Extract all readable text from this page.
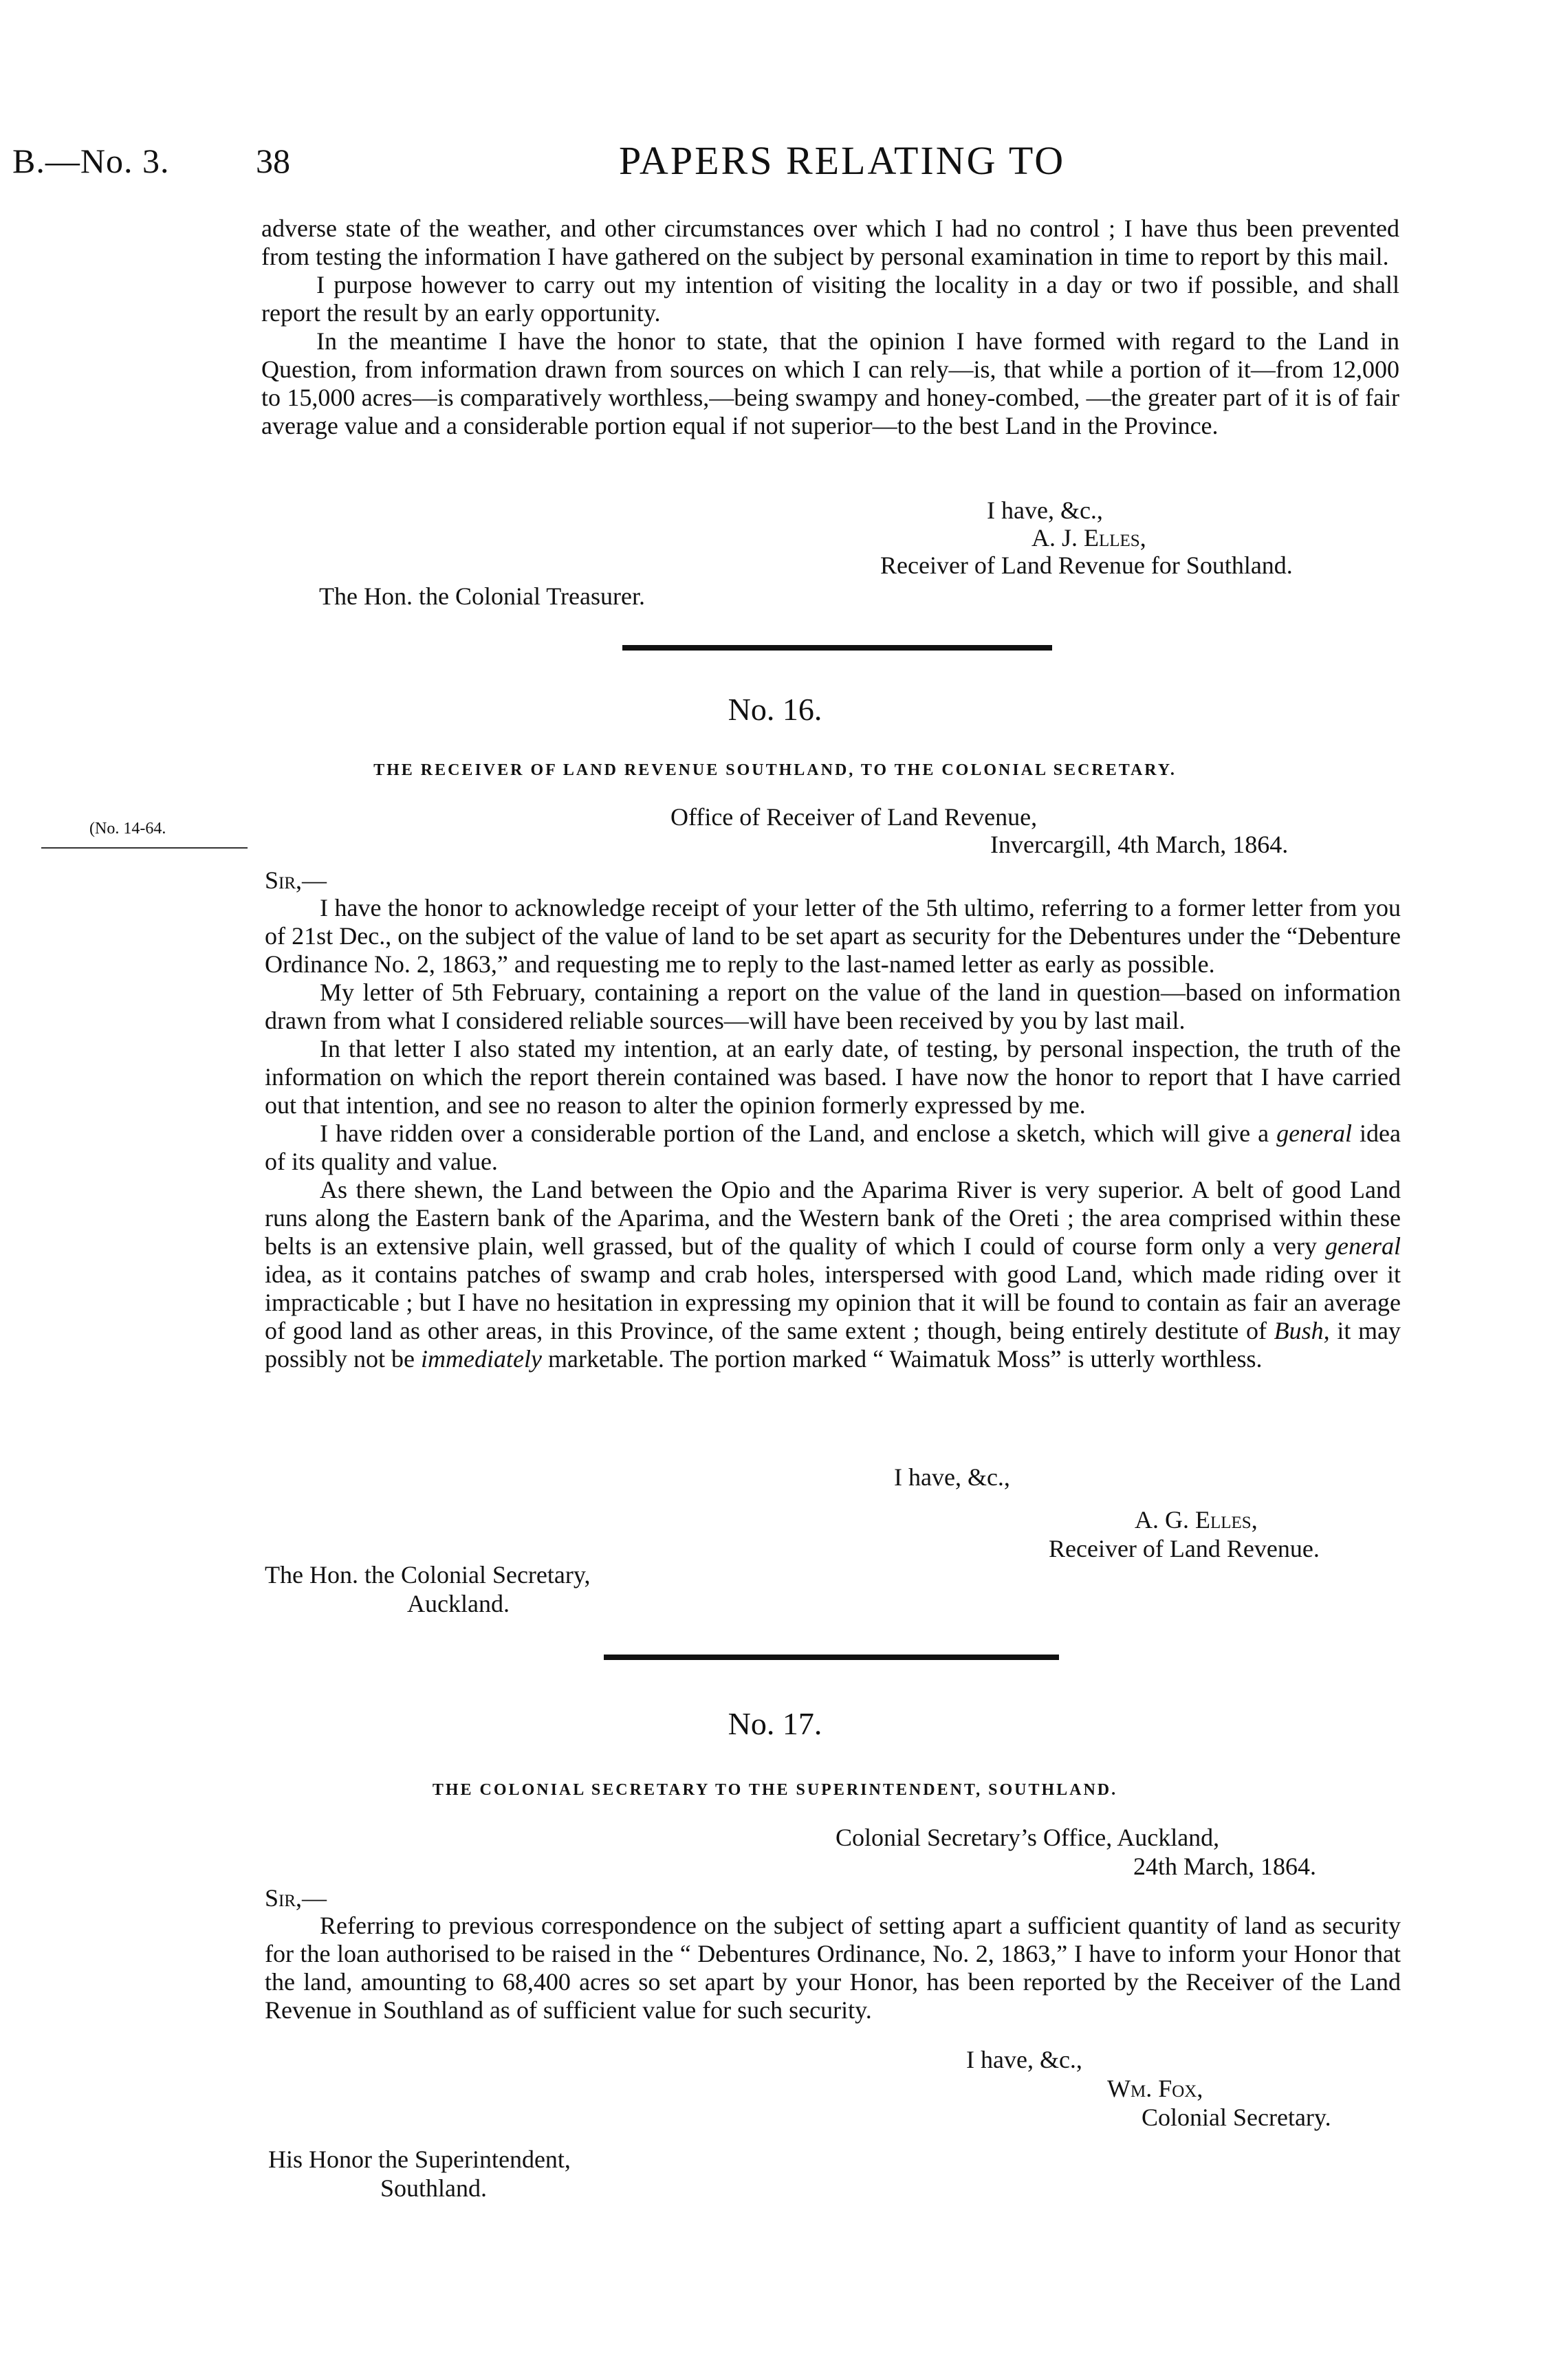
B.—No. 3.	38	PAPERS RELATING TO

adverse state of the weather, and other circumstances over which I had no control ; I have thus been prevented from testing the information I have gathered on the subject by personal examination in time to report by this mail.

I purpose however to carry out my intention of visiting the locality in a day or two if possible, and shall report the result by an early opportunity.

In the meantime I have the honor to state, that the opinion I have formed with regard to the Land in Question, from information drawn from sources on which I can rely—is, that while a portion of it—from 12,000 to 15,000 acres—is comparatively worthless,—being swampy and honey-combed, —the greater part of it is of fair average value and a considerable portion equal if not superior—to the best Land in the Province.

I have, &c.,
A. J. Elles,
Receiver of Land Revenue for Southland.
The Hon. the Colonial Treasurer.
No. 16.
THE RECEIVER OF LAND REVENUE SOUTHLAND, TO THE COLONIAL SECRETARY.
(No. 14-64.	Office of Receiver of Land Revenue,
Invercargill, 4th March, 1864.
Sir,—

I have the honor to acknowledge receipt of your letter of the 5th ultimo, referring to a former letter from you of 21st Dec., on the subject of the value of land to be set apart as security for the Debentures under the “Debenture Ordinance No. 2, 1863,” and requesting me to reply to the last-named letter as early as possible.

My letter of 5th February, containing a report on the value of the land in question—based on information drawn from what I considered reliable sources—will have been received by you by last mail.

In that letter I also stated my intention, at an early date, of testing, by personal inspection, the truth of the information on which the report therein contained was based. I have now the honor to report that I have carried out that intention, and see no reason to alter the opinion formerly expressed by me.

I have ridden over a considerable portion of the Land, and enclose a sketch, which will give a general idea of its quality and value.

As there shewn, the Land between the Opio and the Aparima River is very superior. A belt of good Land runs along the Eastern bank of the Aparima, and the Western bank of the Oreti ; the area comprised within these belts is an extensive plain, well grassed, but of the quality of which I could of course form only a very general idea, as it contains patches of swamp and crab holes, interspersed with good Land, which made riding over it impracticable ; but I have no hesitation in expressing my opinion that it will be found to contain as fair an average of good land as other areas, in this Province, of the same extent ; though, being entirely destitute of Bush, it may possibly not be immediately marketable. The portion marked “ Waimatuk Moss” is utterly worthless.

I have, &c.,
A. G. Elles,
Receiver of Land Revenue.
The Hon. the Colonial Secretary,
Auckland.
No. 17.
THE COLONIAL SECRETARY TO THE SUPERINTENDENT, SOUTHLAND.
Colonial Secretary’s Office, Auckland,
24th March, 1864.
Sir,—

Referring to previous correspondence on the subject of setting apart a sufficient quantity of land as security for the loan authorised to be raised in the “ Debentures Ordinance, No. 2, 1863,” I have to inform your Honor that the land, amounting to 68,400 acres so set apart by your Honor, has been reported by the Receiver of the Land Revenue in Southland as of sufficient value for such security.

I have, &c.,
Wm. Fox,
Colonial Secretary.
His Honor the Superintendent,
Southland.
